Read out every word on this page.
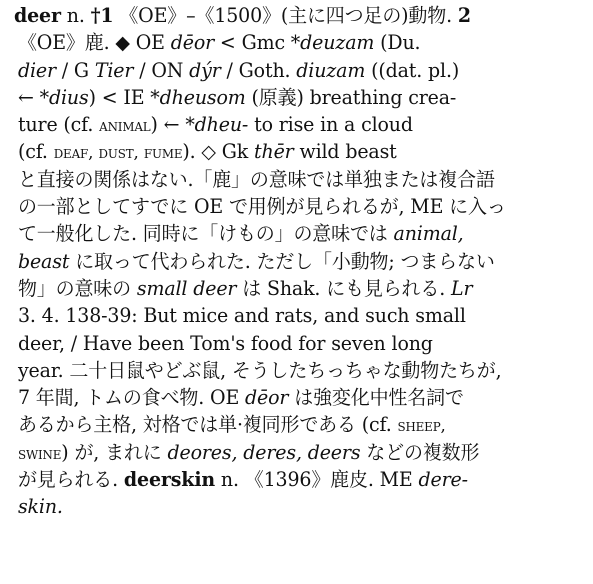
deer n. †1 《OE》–《1500》(主に四つ足の)動物. 2
《OE》鹿. ◆ OE dēor < Gmc *deuzam (Du.
dier / G Tier / ON dýr / Goth. diuzam ((dat. pl.)
← *dius) < IE *dheusom (原義) breathing crea-
ture (cf. animal) ← *dheu- to rise in a cloud
(cf. deaf, dust, fume). ◇ Gk thēr wild beast
と直接の関係はない.「鹿」の意味では単独または複合語
の一部としてすでに OE で用例が見られるが, ME に入っ
て一般化した. 同時に「けもの」の意味では animal,
beast に取って代わられた. ただし「小動物; つまらない
物」の意味の small deer は Shak. にも見られる. Lr
3. 4. 138-39: But mice and rats, and such small
deer, / Have been Tom's food for seven long
year. 二十日鼠やどぶ鼠, そうしたちっちゃな動物たちが,
7 年間, トムの食べ物. OE dēor は強変化中性名詞で
あるから主格, 対格では単·複同形である (cf. sheep,
swine) が, まれに deores, deres, deers などの複数形
が見られる. deerskin n. 《1396》鹿皮. ME dere-
skin.
